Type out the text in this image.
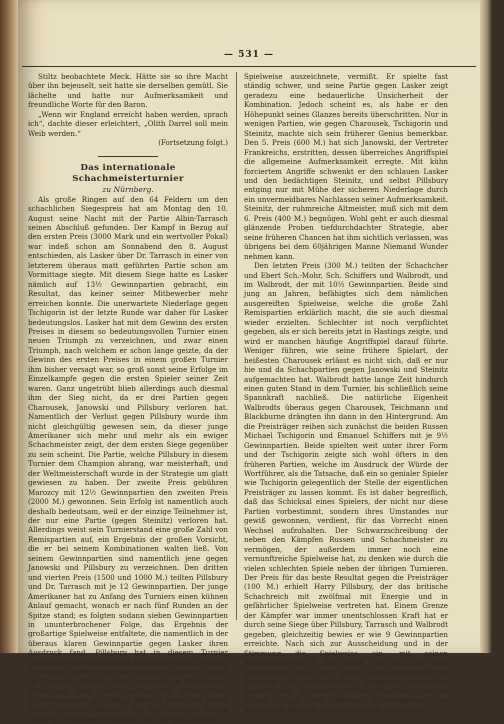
— 531 —

Stiltz beobachtete Meck. Hätte sie so ihre Macht über ihn bejeuselt, seit hatte sie derselben gemütl. Sie lächelte und hatte nur Aufmerksamkeit und freundliche Worte für den Baron.

„Wenn wir England erreicht haben werden, sprach ich“, dachte dieser erleichtert, „Olith Darrel soll mein Weib werden.“

(Fortsetzung folgt.)

Das internationale Schachmeisterturnier

zu Nürnberg.

Als große Ringen auf den 64 Feldern um den schachlichen Siegespreis hat am Montag den 10. August seine Nacht mit der Partie Albin-Tarrasch seinen Abschluß gefunden. Der Kampf in Bezug auf den ersten Preis (3000 Mark und ein wertvoller Pokal) war indeß schon am Sonnabend den 8. August entschieden, als Lasker über Dr. Tarrasch in einer von letzterem überaus matt geführten Partie schon am Vormittage siegte. Mit diesem Siege hatte es Lasker nämlich auf 13½ Gewinnpartien gebracht, ein Resultat, das keiner seiner Mitbewerber mehr erreichen konnte. Die unerwartete Niederlage gegen Tschigorin ist der letzte Runde war daher für Lasker bedeutungslos. Lasker hat mit dem Gewinn des ersten Preises in diesem so bedeutungsvollen Turnier einen neuen Triumph zu verzeichnen, und zwar einen Triumph, nach welchem er schon lange geizte, da der Gewinn des ersten Preises in einem großen Turnier ihm bisher versagt war, so groß sonst seine Erfolge im Einzelkampfe gegen die ersten Spieler seiner Zeit waren. Ganz ungetrübt blieb allerdings auch diesmal ihm der Sieg nicht, da er drei Partien gegen Charousek, Janowski und Pillsbury verloren hat. Namentlich der Verlust gegen Pillsbury wurde ihm nicht gleichgültig gewesen sein, da dieser junge Amerikaner sich mehr und mehr als ein ewiger Schachmeister zeigt, der dem ersten Siege gegenüber zu sein scheint. Die Partie, welche Pillsbury in diesem Turnier dem Champion abrang, war meisterhaft, und der Weltmeisterschaft wurde in der Strategie um glatt gewiesen zu haben. Der zweite Preis gebühren Marozcy mit 12½ Gewinnpartien den zweiten Preis (2000 M.) gewonnen. Sein Erfolg ist namentlich auch deshalb bedeutsam, weil er der einzige Teilnehmer ist, der nur eine Partie (gegen Steinitz) verloren hat. Allerdings weist sein Turnierstand eine große Zahl von Remispartien auf, ein Ergebnis der großen Vorsicht, die er bei seinem Kombinationen walten ließ. Von seinem Gewinnpartien sind namentlich jene gegen Janowski und Pillsbury zu verzeichnen. Den dritten und vierten Preis (1500 und 1000 M.) teilten Pillsbury und Dr. Tarrasch mit je 12 Gewinnpartien. Der junge Amerikaner hat zu Anfang des Turniers einen kühnen Anlauf gemacht, wonach er nach fünf Runden an der Spitze stand; es folgten sodann sieben Gewinnpartien in ununterbrochener Folge, das Ergebnis der großartige Spielweise entfaltete, die namentlich in der überaus klaren Gewinnpartie gegen Lasker ihren Ausdruck fand. Pillsbury hat in diesem Turnier zweifellos einen moralischen Erfolg als reicher Neuling errungen, indem er alle die großen Matadore Lasker, Dr. Tarrasch, Steinitz und Tschigorin in überlegener Weise aus dem Felde schlug. Mit etwas mehr Aufmerksamkeit am Anfang hätte er leicht den ersten Preis erstreiten können. An Dr. Tarrasch wurde allseitig die frühere Festigkeit und Energie, die seine

Spielweise auszeichnete, vermißt. Er spielte fast ständig schwer, und seine Partie gegen Lasker zeigt geradezu eine bedauerliche Unsicherheit der Kombination. Jedoch scheint es, als habe er den Höhepunkt seines Glanzes bereits überschritten. Nur in wenigen Partien, wie gegen Charousek, Tschigorin und Steinitz, machte sich sein früherer Genius bemerkbar. Den 5. Preis (600 M.) hat sich Janowski, der Vertreter Frankreichs, erstritten, dessen überreiches Angriffspiel die allgemeine Aufmerksamkeit erregte. Mit kühn forciertem Angriffe schwenkt er den schlauen Lasker und den bedächtigen Steinitz, und selbst Pillsbury entging nur mit Mühe der sicheren Niederlage durch ein unvermeidbares Nachlassen seiner Aufmerksamkeit. Steinitz, der ruhmreiche Altmeister, muß sich mit dem 6. Preis (400 M.) begnügen. Wohl geht er auch diesmal glänzende Proben tiefdurchdachter Strategie, aber seine früheren Chancen hat ihm sichtlich verlassen, was übrigens bei dem 60jährigen Manne Niemand Wunder nehmen kann.

Den letzten Preis (300 M.) teilten der Schachcher und Ebert Sch.-Mohr, Sch. Schiffers und Walbrodt, und im Walbrodt, der mit 10½ Gewinnpartien. Beide sind jung an Jahren, befähigtes sich dem nämlichen ausgereiften Spielweise, welche die große Zahl Remispartien erklärlich macht, die sie auch diesmal wieder erzielten. Schlechter ist noch verpflichtet gegeben, als er sich bereits jetzt in Hastings zeigte, und wird er manchen häufige Angriffspiel darauf führte. Weniger führen, wie seine frühere Spielart, der heißesten Charousek erlässt es nicht sich, daß er nur hie und da Schachpartien gegen Janowski und Steinitz aufgemachten hat. Walbrodt hatte lange Zeit hindurch einen guten Stand in dem Turnier, bis schließlich seine Spannkraft nachließ. Die natürliche Eigenheit Walbrodts überaus gegen Charousek, Teichmann und Blackburne drängten ihn dann in den Hintergrund. Am die Preisträger reihen sich zunächst die beiden Russen Michael Tschigorin und Emanuel Schiffers mit je 9½ Gewinnpartien. Beide spielten weit unter ihrer Form und der Tschigorin zeigte sich wohl öfters in den früheren Partien, welche im Ausdruck der Würde der Wortführer, als die Tatsache, daß ein so genialer Spieler wie Tschigorin gelegentlich der Stelle der eigentlichen Preisträger zu lassen kommt. Es ist daher begreiflich, daß das Schicksal eines Spielers, der nicht nur diese Partien vorbestimmt, sondern ihres Umstandes nur gewiß gewonnen, verdient, für das Vorrecht einen Wechsel aufzuhalten. Der Schwarzschreibung der neben den Kämpfen Russen und Schachmeister zu vermögen, der außerdem immer noch eine vernunftreiche Spielweise hat, zu denken wie durch die vielen schlechten Spiele neben der übrigen Turnieren. Der Preis für das beste Resultat gegen die Preisträger (100 M.) erhielt Harry Pillsbury, der das britische Schachreich mit zwölfmal mit Energie und in gefährlicher Spielweise vertreten hat. Einem Grenze der Kämpfer war immer unentschlossen Kraft hat er durch seine Siege über Pillsbury, Tarrasch und Walbrodt gegeben, gleichzeitig bewies er wie 9 Gewinnpartien erreichte. Nach sich zur Ausscheidung und in der Stimmung die Spielweise ein, mit seinen Abwehrarbeiten in der Partie, die ihm und dem Ergebnissen nicht gern gewiß. Die unvergleichliche, Vertreter der neuzeitlichen ungemein schwachen Spielart, war in diesem Turnier Charousek, der im jünger Ungar voll kühner Kombinationen, zu betrachten, der sich neben ebenso als gewandter
